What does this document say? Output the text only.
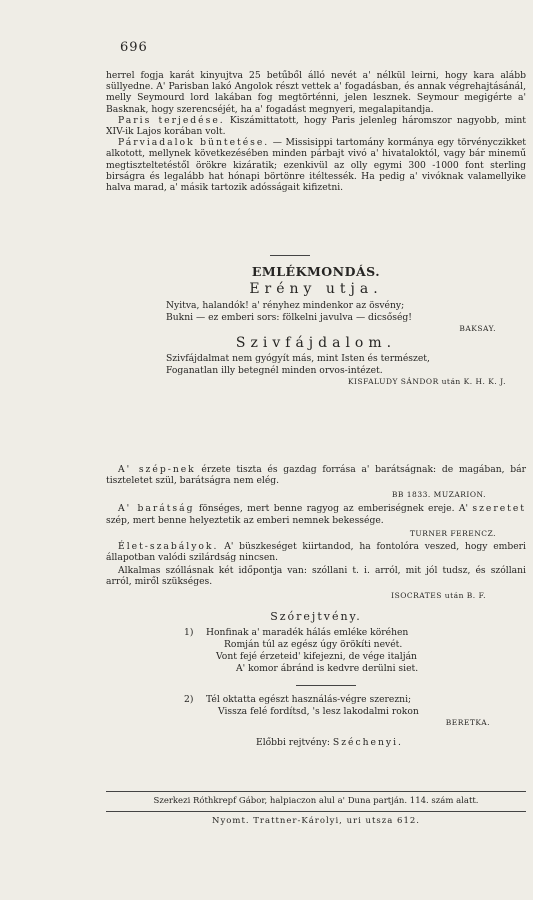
696

herrel fogja karát kinyujtva 25 betűből álló nevét a' nélkül leirni, hogy kara alább süllyedne. A' Parisban lakó Angolok részt vettek a' fogadásban, és annak végrehajtásánál, melly Seymourd lord lakában fog megtörténni, jelen lesznek. Seymour megigérte a' Basknak, hogy szerencséjét, ha a' fogadást megnyeri, megalapitandja.

Paris terjedése. Kiszámittatott, hogy Paris jelenleg háromszor nagyobb, mint XIV-ik Lajos korában volt.

Párviadalok büntetése. — Missisippi tartomány kormánya egy törvényczikket alkotott, mellynek következésében minden párbajt vivó a' hivataloktól, vagy bár minemű megtiszteltetéstől örökre kizáratik; ezenkivül az olly egymi 300 -1000 font sterling birságra és legalább hat hónapi börtönre itéltessék. Ha pedig a' vivóknak valamellyike halva marad, a' másik tartozik adósságait kifizetni.

EMLÉKMONDÁS.
Erény utja.
Nyitva, halandók! a' rényhez mindenkor az ösvény;
Bukni — ez emberi sors: fölkelni javulva — dicsőség!
BAKSAY.
Szivfájdalom.
Szivfájdalmat nem gyógyít más, mint Isten és természet,
Foganatlan illy betegnél minden orvos-intézet.
KISFALUDY SÁNDOR után K. H. K. J.

A' szép-nek érzete tiszta és gazdag forrása a' barátságnak: de magában, bár tiszteletet szül, barátságra nem elég.

BB 1833. MUZARION.

A' barátság fönséges, mert benne ragyog az emberiségnek ereje. A' szeretet szép, mert benne helyeztetik az emberi nemnek bekessége.

TURNER FERENCZ.

Élet-szabályok. A' büszkeséget kiirtandod, ha fontolóra veszed, hogy emberi állapotban valódi szilárdság nincsen.

Alkalmas szóllásnak két időpontja van: szóllani t. i. arról, mit jól tudsz, és szóllani arról, miről szükséges.

ISOCRATES után B. F.
Szórejtvény.
1)	Honfinak a' maradék hálás emléke köréhen
Romján túl az egész úgy örökíti nevét.
Vont fejé érzeteid' kifejezni, de vége italján
A' komor ábránd is kedvre derülni siet.
2)	Tél oktatta egészt használás-végre szerezni;
Vissza felé fordítsd, 's lesz lakodalmi rokon
BERETKA.
Előbbi rejtvény: Széchenyi.
Szerkezi Róthkrepf Gábor, halpiaczon alul a' Duna partján. 114. szám alatt.
Nyomt. Trattner-Károlyi, uri utsza 612.
